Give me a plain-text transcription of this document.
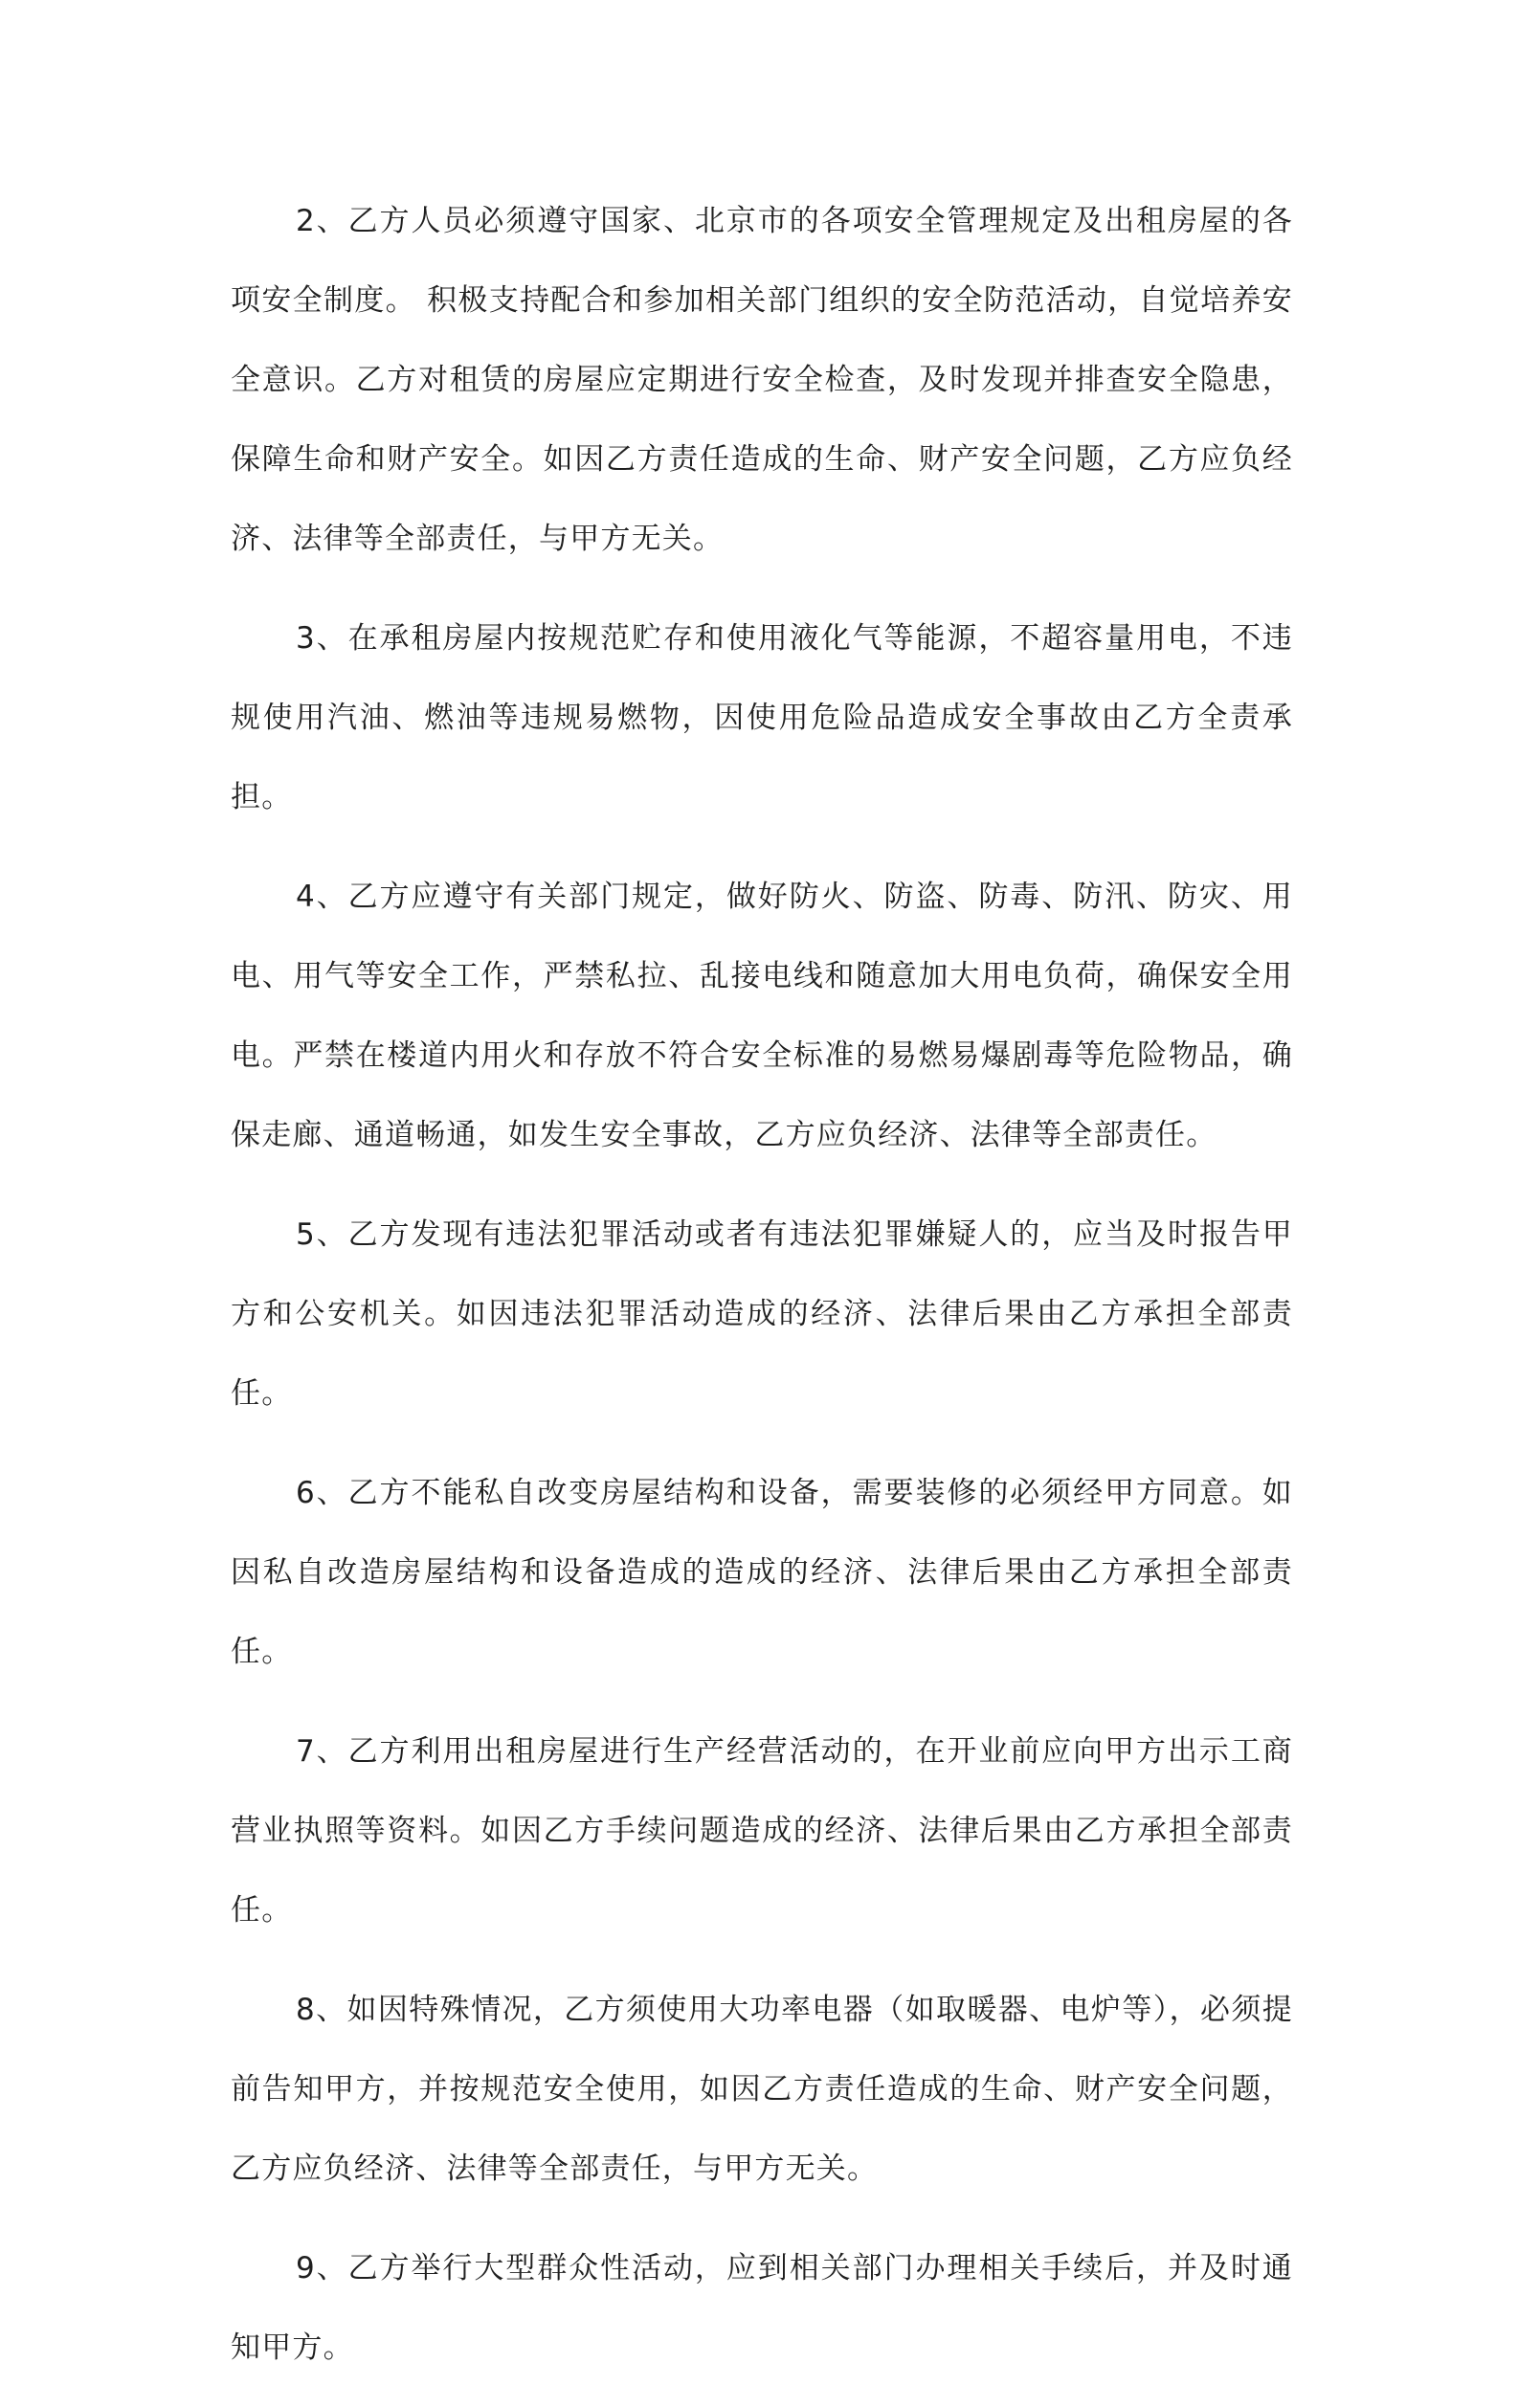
2、乙方人员必须遵守国家、北京市的各项安全管理规定及出租房屋的各项安全制度。 积极支持配合和参加相关部门组织的安全防范活动，自觉培养安全意识。乙方对租赁的房屋应定期进行安全检查，及时发现并排查安全隐患，保障生命和财产安全。如因乙方责任造成的生命、财产安全问题，乙方应负经济、法律等全部责任，与甲方无关。

3、在承租房屋内按规范贮存和使用液化气等能源，不超容量用电，不违规使用汽油、燃油等违规易燃物，因使用危险品造成安全事故由乙方全责承担。

4、乙方应遵守有关部门规定，做好防火、防盗、防毒、防汛、防灾、用电、用气等安全工作，严禁私拉、乱接电线和随意加大用电负荷，确保安全用电。严禁在楼道内用火和存放不符合安全标准的易燃易爆剧毒等危险物品，确保走廊、通道畅通，如发生安全事故，乙方应负经济、法律等全部责任。

5、乙方发现有违法犯罪活动或者有违法犯罪嫌疑人的，应当及时报告甲方和公安机关。如因违法犯罪活动造成的经济、法律后果由乙方承担全部责任。

6、乙方不能私自改变房屋结构和设备，需要装修的必须经甲方同意。如因私自改造房屋结构和设备造成的造成的经济、法律后果由乙方承担全部责任。

7、乙方利用出租房屋进行生产经营活动的，在开业前应向甲方出示工商营业执照等资料。如因乙方手续问题造成的经济、法律后果由乙方承担全部责任。

8、如因特殊情况，乙方须使用大功率电器（如取暖器、电炉等），必须提前告知甲方，并按规范安全使用，如因乙方责任造成的生命、财产安全问题，乙方应负经济、法律等全部责任，与甲方无关。

9、乙方举行大型群众性活动，应到相关部门办理相关手续后，并及时通知甲方。
